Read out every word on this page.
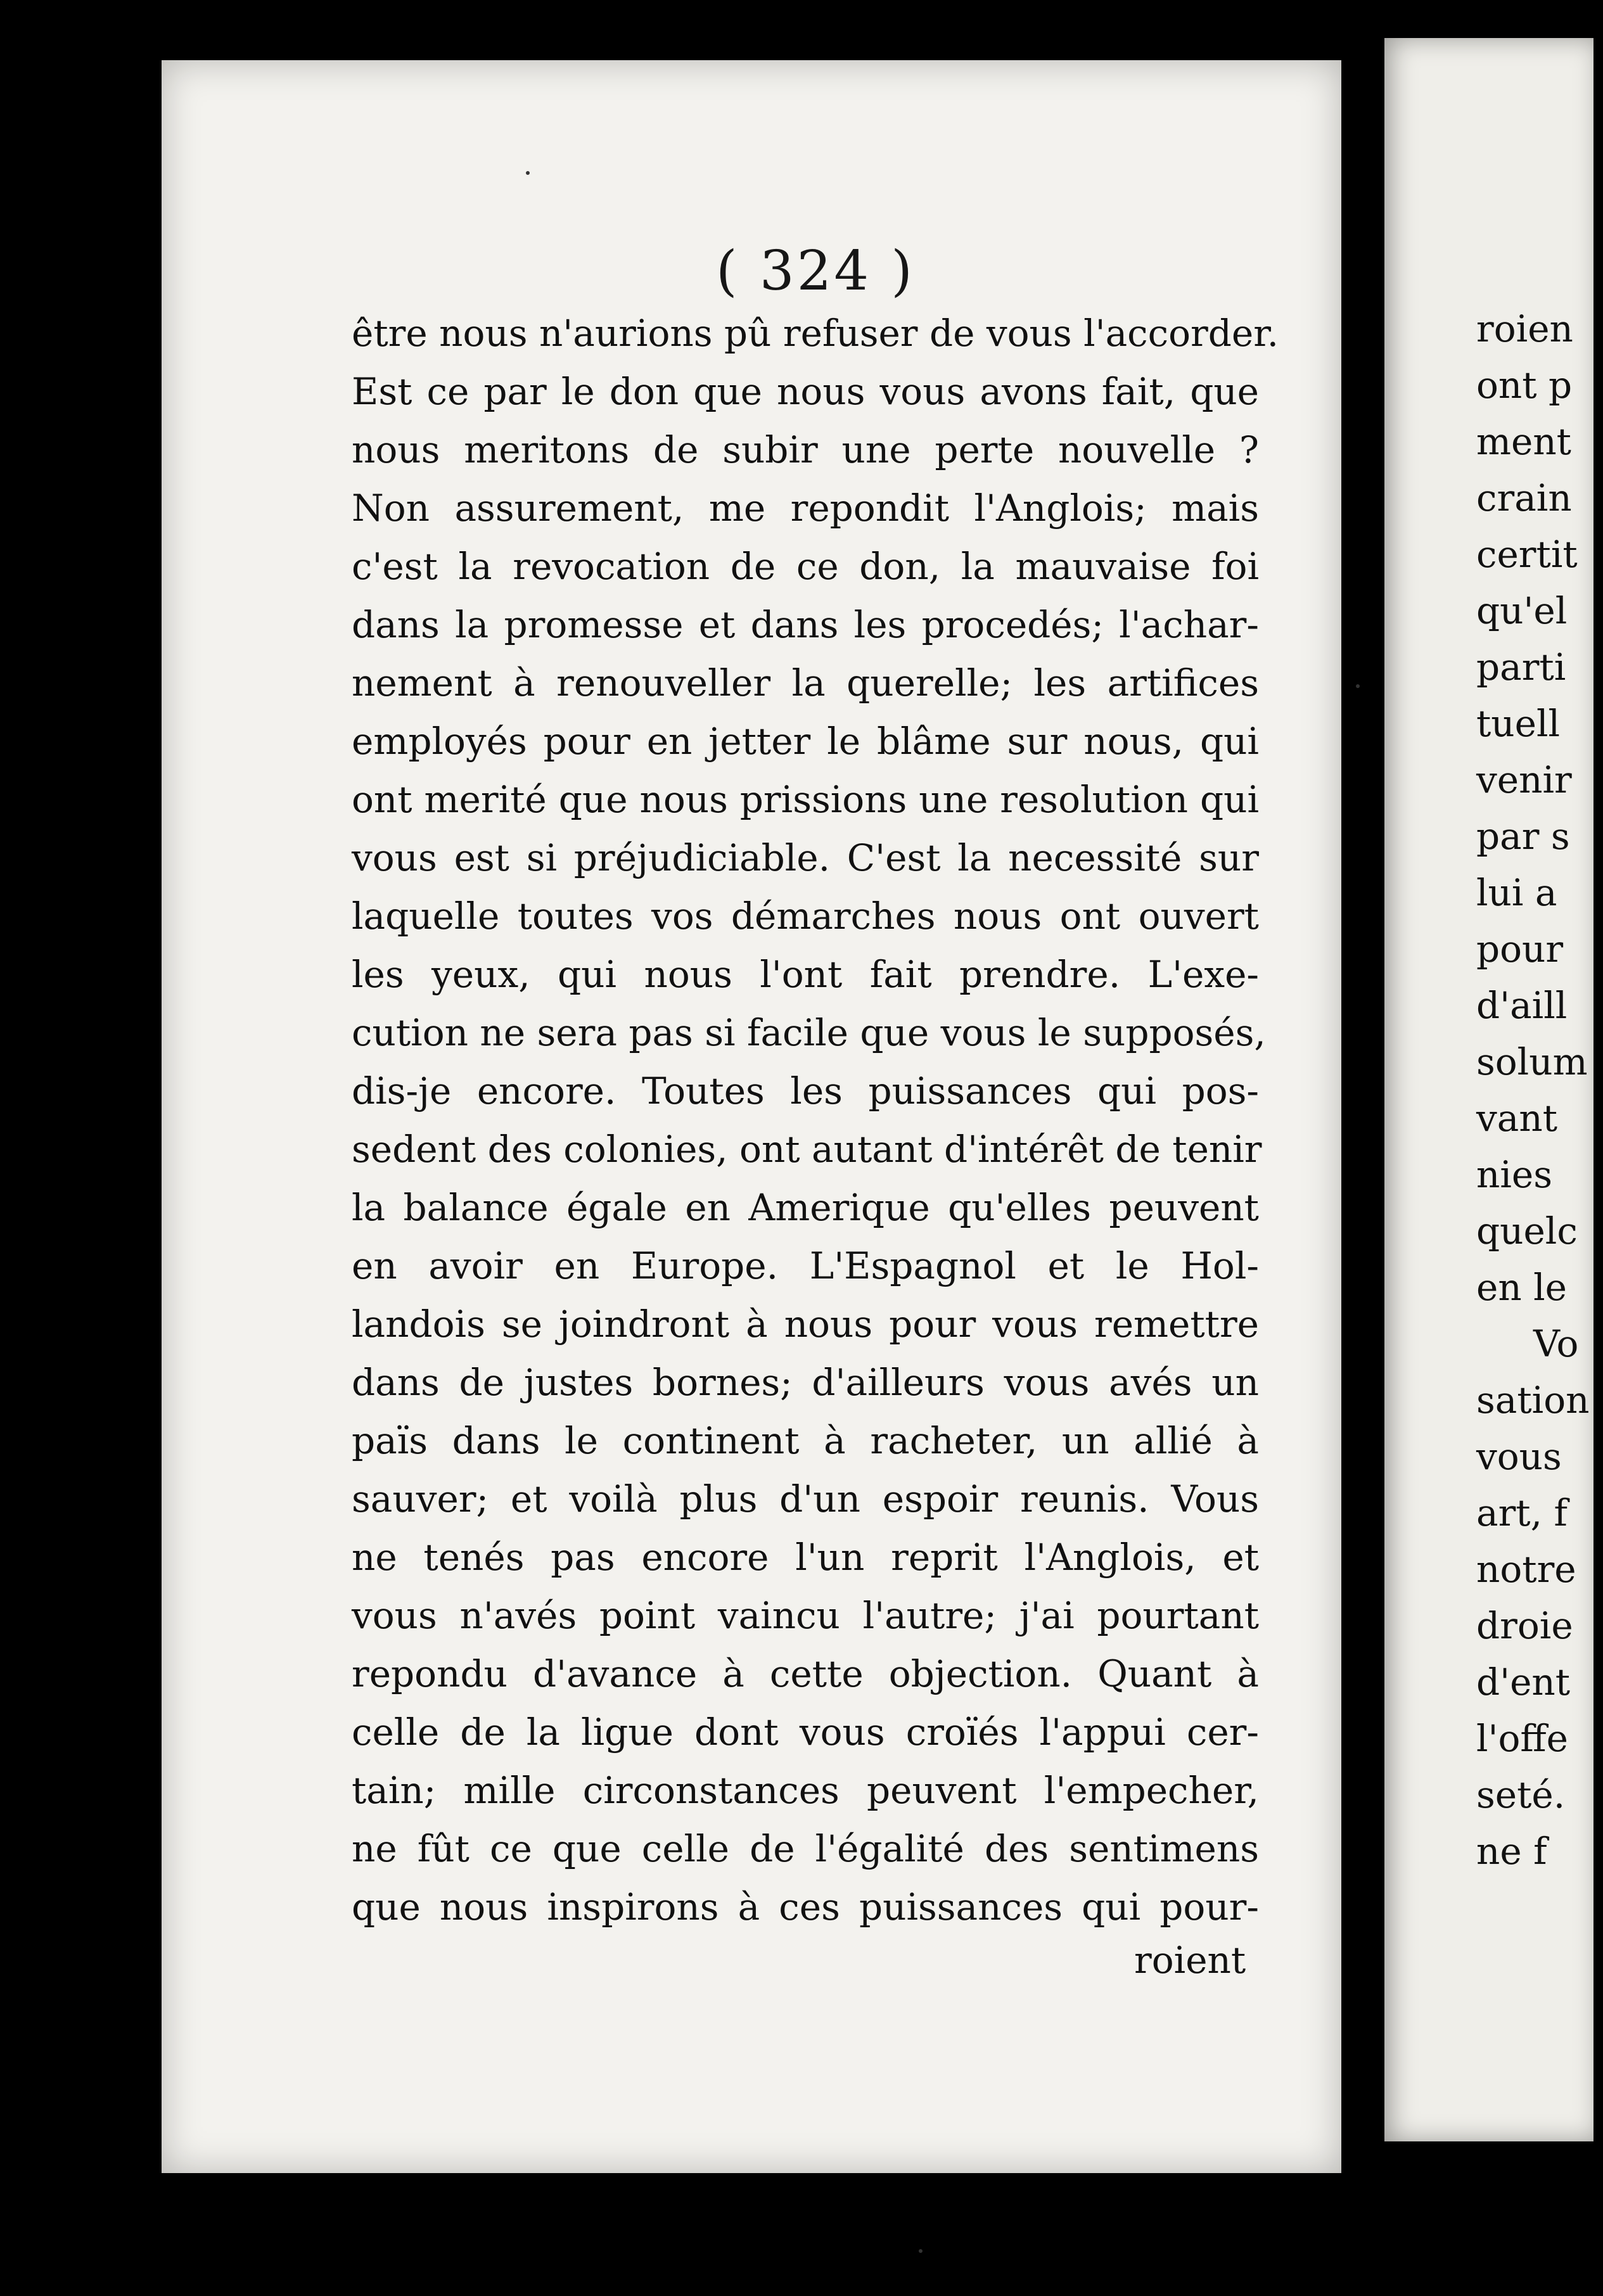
( 324 )
être nous n'aurions pû refuser de vous l'accorder.
Est ce par le don que nous vous avons fait, que
nous meritons de subir une perte nouvelle ?
Non assurement, me repondit l'Anglois; mais
c'est la revocation de ce don, la mauvaise foi
dans la promesse et dans les procedés; l'achar-
nement à renouveller la querelle; les artifices
employés pour en jetter le blâme sur nous, qui
ont merité que nous prissions une resolution qui
vous est si préjudiciable. C'est la necessité sur
laquelle toutes vos démarches nous ont ouvert
les yeux, qui nous l'ont fait prendre. L'exe-
cution ne sera pas si facile que vous le supposés,
dis-je encore. Toutes les puissances qui pos-
sedent des colonies, ont autant d'intérêt de tenir
la balance égale en Amerique qu'elles peuvent
en avoir en Europe. L'Espagnol et le Hol-
landois se joindront à nous pour vous remettre
dans de justes bornes; d'ailleurs vous avés un
païs dans le continent à racheter, un allié à
sauver; et voilà plus d'un espoir reunis. Vous
ne tenés pas encore l'un reprit l'Anglois, et
vous n'avés point vaincu l'autre; j'ai pourtant
repondu d'avance à cette objection. Quant à
celle de la ligue dont vous croïés l'appui cer-
tain; mille circonstances peuvent l'empecher,
ne fût ce que celle de l'égalité des sentimens
que nous inspirons à ces puissances qui pour-
roient
roien
ont p
ment
crain
certit
qu'el
parti
tuell
venir
par s
lui a
pour
d'aill
solum
vant
nies
quelc
en le
Vo
sation
vous
art, f
notre
droie
d'ent
l'offe
seté.
ne f
